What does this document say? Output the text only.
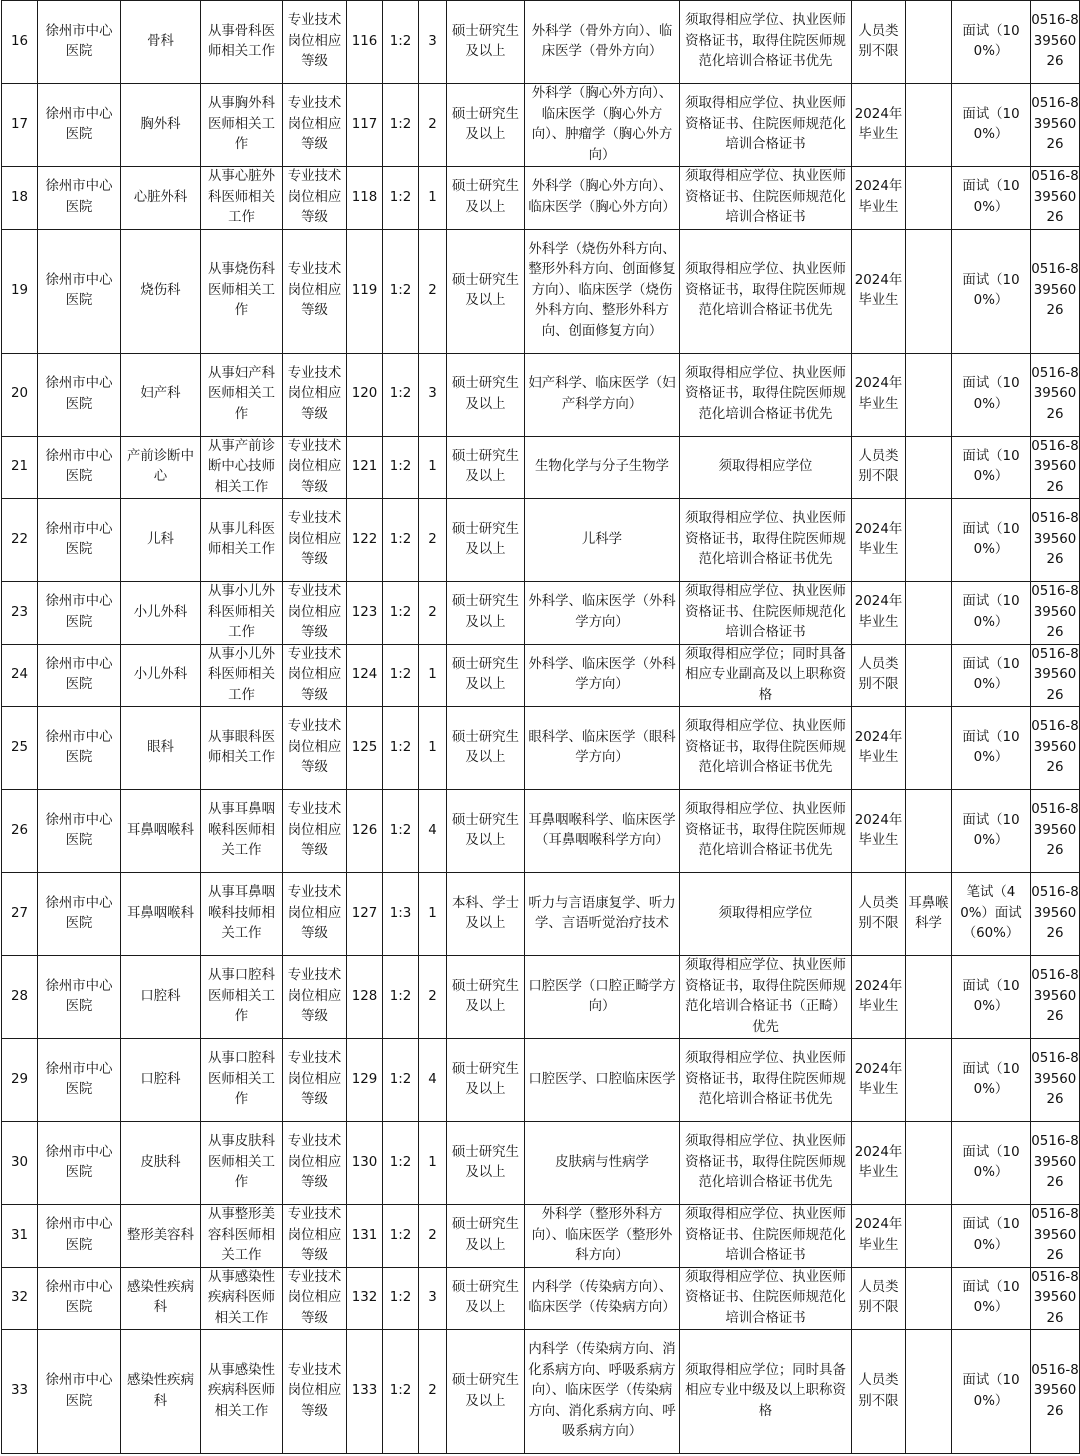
16	徐州市中心医院	骨科	从事骨科医师相关工作	专业技术岗位相应等级	116	1:2	3	硕士研究生及以上	外科学（骨外方向）、临床医学（骨外方向）	须取得相应学位、执业医师资格证书，取得住院医师规范化培训合格证书优先	人员类别不限		面试（100%）	0516-83956026
17	徐州市中心医院	胸外科	从事胸外科医师相关工作	专业技术岗位相应等级	117	1:2	2	硕士研究生及以上	外科学（胸心外方向）、临床医学（胸心外方向）、肿瘤学（胸心外方向）	须取得相应学位、执业医师资格证书、住院医师规范化培训合格证书	2024年毕业生		面试（100%）	0516-83956026
18	徐州市中心医院	心脏外科	从事心脏外科医师相关工作	专业技术岗位相应等级	118	1:2	1	硕士研究生及以上	外科学（胸心外方向）、临床医学（胸心外方向）	须取得相应学位、执业医师资格证书、住院医师规范化培训合格证书	2024年毕业生		面试（100%）	0516-83956026
19	徐州市中心医院	烧伤科	从事烧伤科医师相关工作	专业技术岗位相应等级	119	1:2	2	硕士研究生及以上	外科学（烧伤外科方向、整形外科方向、创面修复方向）、临床医学（烧伤外科方向、整形外科方向、创面修复方向）	须取得相应学位、执业医师资格证书，取得住院医师规范化培训合格证书优先	2024年毕业生		面试（100%）	0516-83956026
20	徐州市中心医院	妇产科	从事妇产科医师相关工作	专业技术岗位相应等级	120	1:2	3	硕士研究生及以上	妇产科学、临床医学（妇产科学方向）	须取得相应学位、执业医师资格证书，取得住院医师规范化培训合格证书优先	2024年毕业生		面试（100%）	0516-83956026
21	徐州市中心医院	产前诊断中心	从事产前诊断中心技师相关工作	专业技术岗位相应等级	121	1:2	1	硕士研究生及以上	生物化学与分子生物学	须取得相应学位	人员类别不限		面试（100%）	0516-83956026
22	徐州市中心医院	儿科	从事儿科医师相关工作	专业技术岗位相应等级	122	1:2	2	硕士研究生及以上	儿科学	须取得相应学位、执业医师资格证书，取得住院医师规范化培训合格证书优先	2024年毕业生		面试（100%）	0516-83956026
23	徐州市中心医院	小儿外科	从事小儿外科医师相关工作	专业技术岗位相应等级	123	1:2	2	硕士研究生及以上	外科学、临床医学（外科学方向）	须取得相应学位、执业医师资格证书、住院医师规范化培训合格证书	2024年毕业生		面试（100%）	0516-83956026
24	徐州市中心医院	小儿外科	从事小儿外科医师相关工作	专业技术岗位相应等级	124	1:2	1	硕士研究生及以上	外科学、临床医学（外科学方向）	须取得相应学位；同时具备相应专业副高及以上职称资格	人员类别不限		面试（100%）	0516-83956026
25	徐州市中心医院	眼科	从事眼科医师相关工作	专业技术岗位相应等级	125	1:2	1	硕士研究生及以上	眼科学、临床医学（眼科学方向）	须取得相应学位、执业医师资格证书，取得住院医师规范化培训合格证书优先	2024年毕业生		面试（100%）	0516-83956026
26	徐州市中心医院	耳鼻咽喉科	从事耳鼻咽喉科医师相关工作	专业技术岗位相应等级	126	1:2	4	硕士研究生及以上	耳鼻咽喉科学、临床医学（耳鼻咽喉科学方向）	须取得相应学位、执业医师资格证书，取得住院医师规范化培训合格证书优先	2024年毕业生		面试（100%）	0516-83956026
27	徐州市中心医院	耳鼻咽喉科	从事耳鼻咽喉科技师相关工作	专业技术岗位相应等级	127	1:3	1	本科、学士及以上	听力与言语康复学、听力学、言语听觉治疗技术	须取得相应学位	人员类别不限	耳鼻喉科学	笔试（40%）面试（60%）	0516-83956026
28	徐州市中心医院	口腔科	从事口腔科医师相关工作	专业技术岗位相应等级	128	1:2	2	硕士研究生及以上	口腔医学（口腔正畸学方向）	须取得相应学位、执业医师资格证书，取得住院医师规范化培训合格证书（正畸）优先	2024年毕业生		面试（100%）	0516-83956026
29	徐州市中心医院	口腔科	从事口腔科医师相关工作	专业技术岗位相应等级	129	1:2	4	硕士研究生及以上	口腔医学、口腔临床医学	须取得相应学位、执业医师资格证书，取得住院医师规范化培训合格证书优先	2024年毕业生		面试（100%）	0516-83956026
30	徐州市中心医院	皮肤科	从事皮肤科医师相关工作	专业技术岗位相应等级	130	1:2	1	硕士研究生及以上	皮肤病与性病学	须取得相应学位、执业医师资格证书，取得住院医师规范化培训合格证书优先	2024年毕业生		面试（100%）	0516-83956026
31	徐州市中心医院	整形美容科	从事整形美容科医师相关工作	专业技术岗位相应等级	131	1:2	2	硕士研究生及以上	外科学（整形外科方向）、临床医学（整形外科方向）	须取得相应学位、执业医师资格证书、住院医师规范化培训合格证书	2024年毕业生		面试（100%）	0516-83956026
32	徐州市中心医院	感染性疾病科	从事感染性疾病科医师相关工作	专业技术岗位相应等级	132	1:2	3	硕士研究生及以上	内科学（传染病方向）、临床医学（传染病方向）	须取得相应学位、执业医师资格证书、住院医师规范化培训合格证书	人员类别不限		面试（100%）	0516-83956026
33	徐州市中心医院	感染性疾病科	从事感染性疾病科医师相关工作	专业技术岗位相应等级	133	1:2	2	硕士研究生及以上	内科学（传染病方向、消化系病方向、呼吸系病方向）、临床医学（传染病方向、消化系病方向、呼吸系病方向）	须取得相应学位；同时具备相应专业中级及以上职称资格	人员类别不限		面试（100%）	0516-83956026
